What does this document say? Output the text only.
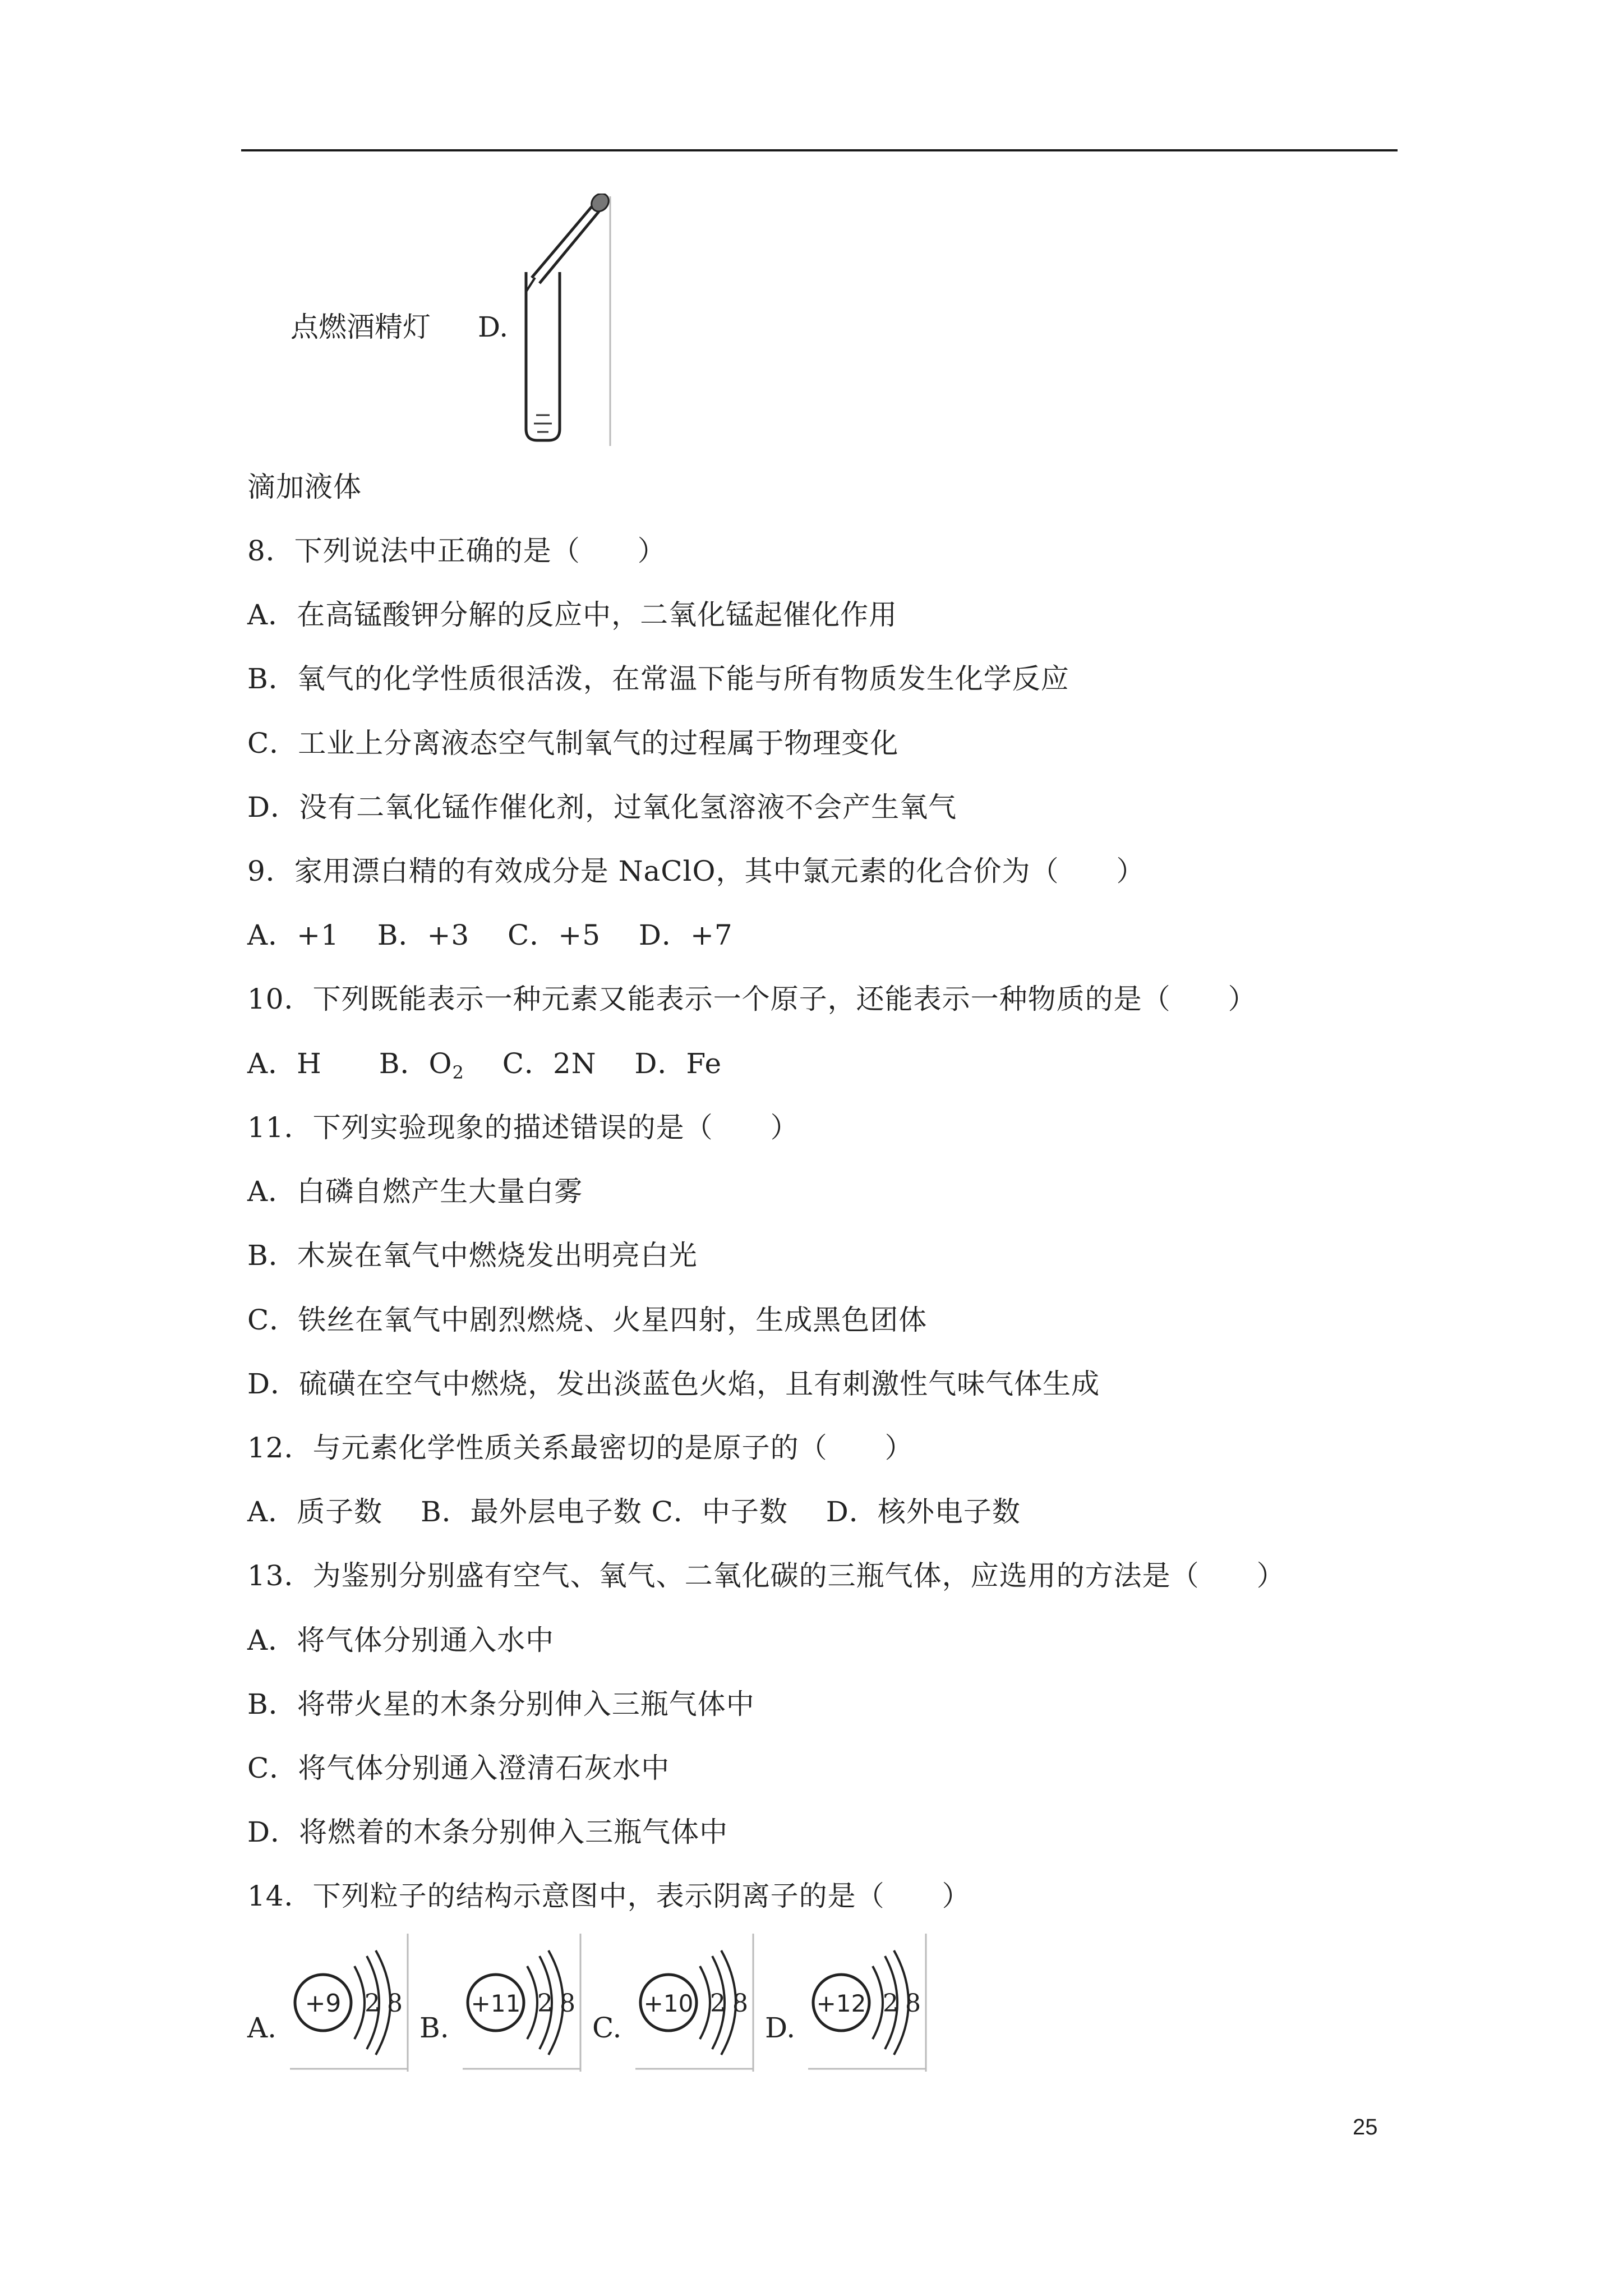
点燃酒精灯 D.
滴加液体
8．下列说法中正确的是（　　）
A．在高锰酸钾分解的反应中，二氧化锰起催化作用
B．氧气的化学性质很活泼，在常温下能与所有物质发生化学反应
C．工业上分离液态空气制氧气的过程属于物理变化
D．没有二氧化锰作催化剂，过氧化氢溶液不会产生氧气
9．家用漂白精的有效成分是 NaClO，其中氯元素的化合价为（　　）
A．+1　 B．+3　 C．+5　 D．+7
10．下列既能表示一种元素又能表示一个原子，还能表示一种物质的是（　　）
A．H　　B．$O_2$　 C．2N　 D．Fe
11．下列实验现象的描述错误的是（　　）
A．白磷自燃产生大量白雾
B．木炭在氧气中燃烧发出明亮白光
C．铁丝在氧气中剧烈燃烧、火星四射，生成黑色团体
D．硫磺在空气中燃烧，发出淡蓝色火焰，且有刺激性气味气体生成
12．与元素化学性质关系最密切的是原子的（　　）
A．质子数　 B．最外层电子数 C．中子数　 D．核外电子数
13．为鉴别分别盛有空气、氧气、二氧化碳的三瓶气体，应选用的方法是（　　）
A．将气体分别通入水中
B．将带火星的木条分别伸入三瓶气体中
C．将气体分别通入澄清石灰水中
D．将燃着的木条分别伸入三瓶气体中
14．下列粒子的结构示意图中，表示阴离子的是（　　）
A.
+9 2 8
B.
+11 2 8
C.
+10 2 8
D.
+12 2 8
25
